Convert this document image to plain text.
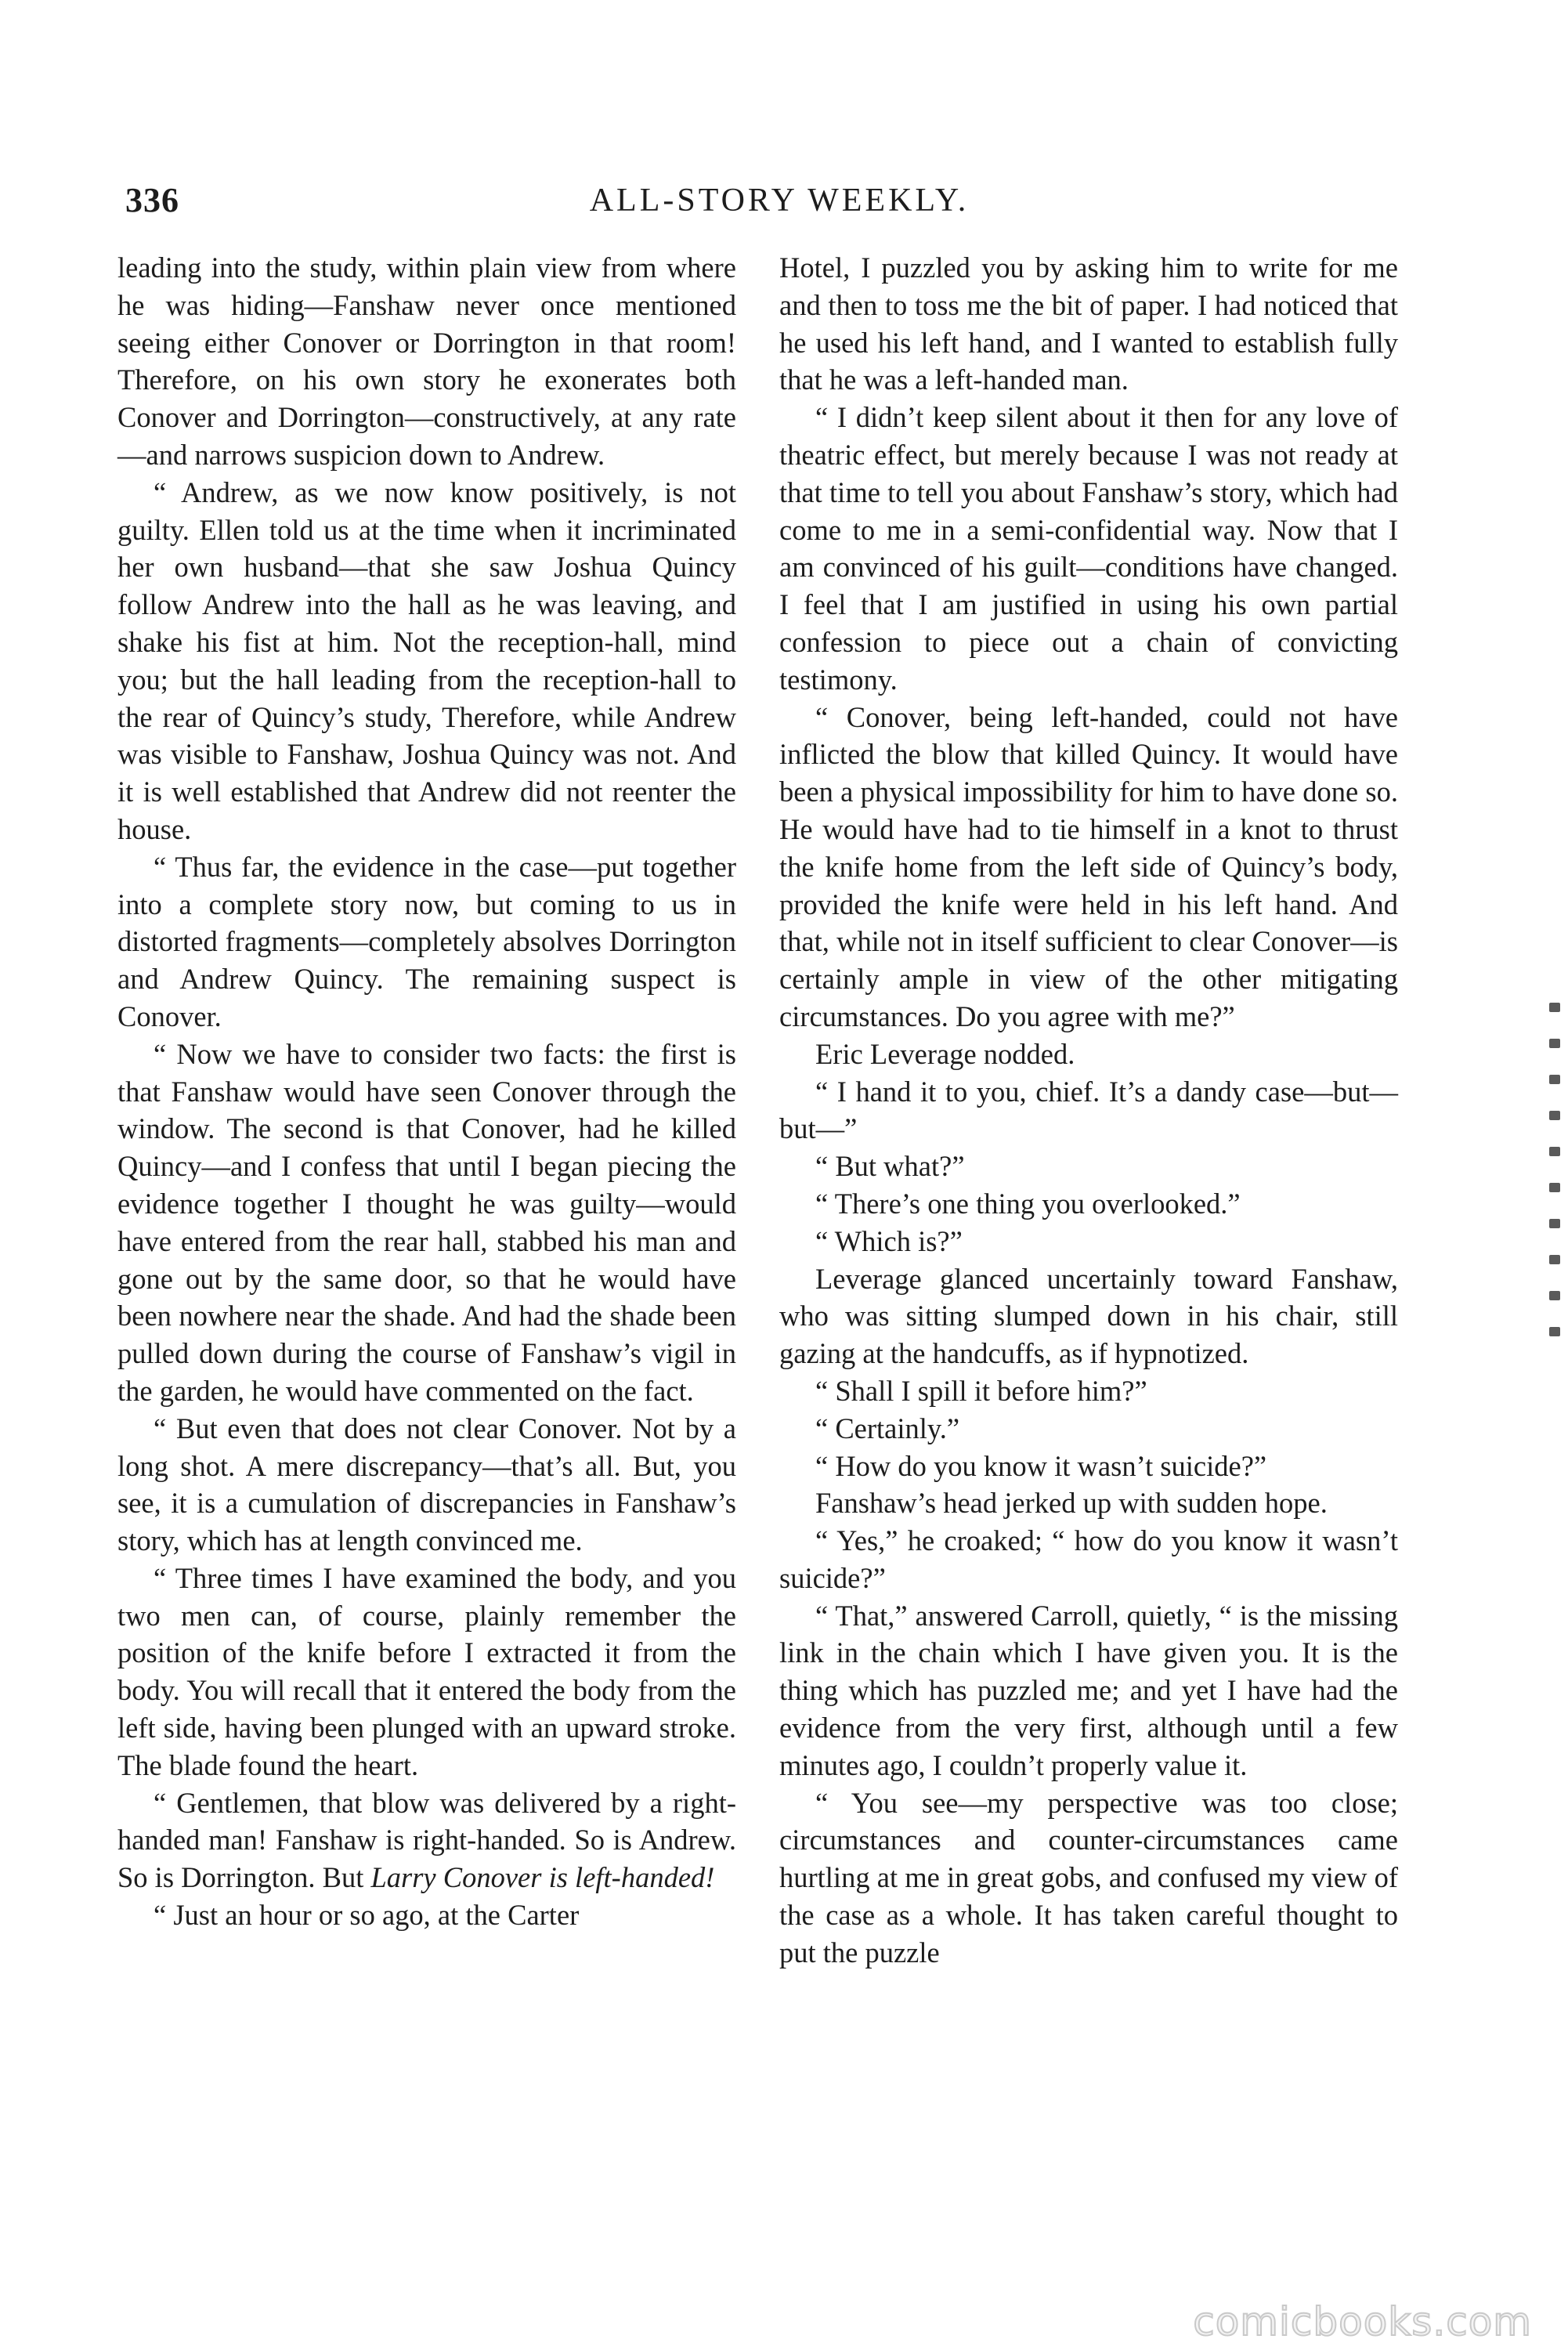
336	ALL-STORY WEEKLY.

leading into the study, within plain view from where he was hiding—Fanshaw never once mentioned seeing either Conover or Dorrington in that room! Therefore, on his own story he exonerates both Conover and Dorrington—constructively, at any rate—and narrows suspicion down to Andrew.

“ Andrew, as we now know positively, is not guilty. Ellen told us at the time when it incriminated her own husband—that she saw Joshua Quincy follow Andrew into the hall as he was leaving, and shake his fist at him. Not the reception-hall, mind you; but the hall leading from the reception-hall to the rear of Quincy’s study, Therefore, while Andrew was visible to Fanshaw, Joshua Quincy was not. And it is well established that Andrew did not reenter the house.

“ Thus far, the evidence in the case—put together into a complete story now, but coming to us in distorted fragments—completely absolves Dorrington and Andrew Quincy. The remaining suspect is Conover.

“ Now we have to consider two facts: the first is that Fanshaw would have seen Conover through the window. The second is that Conover, had he killed Quincy—and I confess that until I began piecing the evidence together I thought he was guilty—would have entered from the rear hall, stabbed his man and gone out by the same door, so that he would have been nowhere near the shade. And had the shade been pulled down during the course of Fanshaw’s vigil in the garden, he would have commented on the fact.

“ But even that does not clear Conover. Not by a long shot. A mere discrepancy—that’s all. But, you see, it is a cumulation of discrepancies in Fanshaw’s story, which has at length convinced me.

“ Three times I have examined the body, and you two men can, of course, plainly remember the position of the knife before I extracted it from the body. You will recall that it entered the body from the left side, having been plunged with an upward stroke. The blade found the heart.

“ Gentlemen, that blow was delivered by a right-handed man! Fanshaw is right-handed. So is Andrew. So is Dorrington. But Larry Conover is left-handed!

“ Just an hour or so ago, at the Carter

Hotel, I puzzled you by asking him to write for me and then to toss me the bit of paper. I had noticed that he used his left hand, and I wanted to establish fully that he was a left-handed man.

“ I didn’t keep silent about it then for any love of theatric effect, but merely because I was not ready at that time to tell you about Fanshaw’s story, which had come to me in a semi-confidential way. Now that I am convinced of his guilt—conditions have changed. I feel that I am justified in using his own partial confession to piece out a chain of convicting testimony.

“ Conover, being left-handed, could not have inflicted the blow that killed Quincy. It would have been a physical impossibility for him to have done so. He would have had to tie himself in a knot to thrust the knife home from the left side of Quincy’s body, provided the knife were held in his left hand. And that, while not in itself sufficient to clear Conover—is certainly ample in view of the other mitigating circumstances. Do you agree with me?”

Eric Leverage nodded.

“ I hand it to you, chief. It’s a dandy case—but—but—”

“ But what?”

“ There’s one thing you overlooked.”

“ Which is?”

Leverage glanced uncertainly toward Fanshaw, who was sitting slumped down in his chair, still gazing at the handcuffs, as if hypnotized.

“ Shall I spill it before him?”

“ Certainly.”

“ How do you know it wasn’t suicide?”

Fanshaw’s head jerked up with sudden hope.

“ Yes,” he croaked; “ how do you know it wasn’t suicide?”

“ That,” answered Carroll, quietly, “ is the missing link in the chain which I have given you. It is the thing which has puzzled me; and yet I have had the evidence from the very first, although until a few minutes ago, I couldn’t properly value it.

“ You see—my perspective was too close; circumstances and counter-circumstances came hurtling at me in great gobs, and confused my view of the case as a whole. It has taken careful thought to put the puzzle

comicbooks.com
